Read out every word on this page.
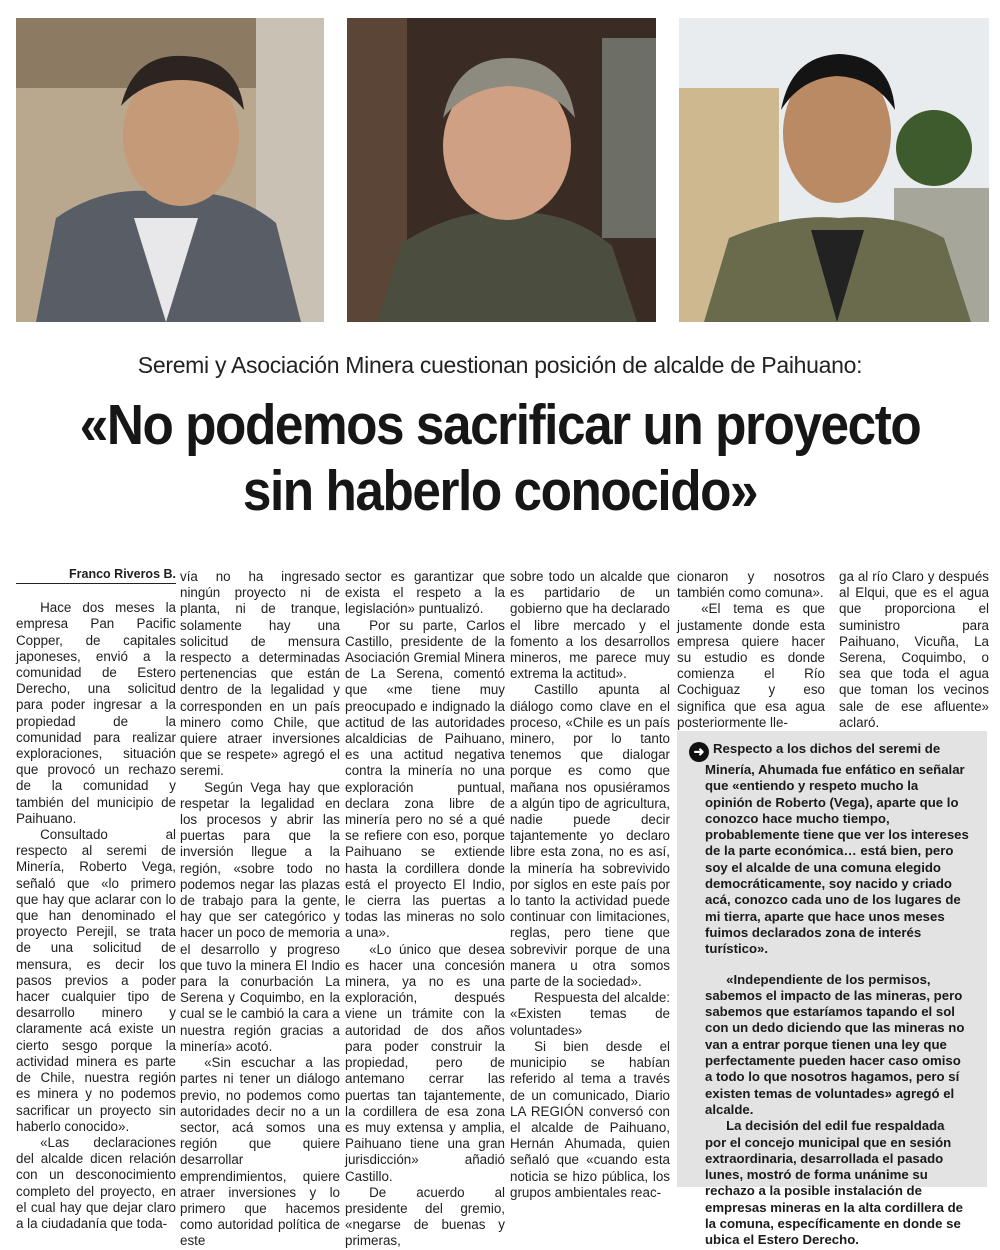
Seremi y Asociación Minera cuestionan posición de alcalde de Paihuano:
«No podemos sacrificar un proyecto
sin haberlo conocido»
Franco Riveros B.

Hace dos meses la empresa Pan Pacific Copper, de capitales japoneses, envió a la comunidad de Estero Derecho, una solicitud para poder ingresar a la propiedad de la comunidad para realizar exploraciones, situación que provocó un rechazo de la comunidad y también del municipio de Paihuano.

Consultado al respecto al seremi de Minería, Roberto Vega, señaló que «lo primero que hay que aclarar con lo que han denominado el proyecto Perejil, se trata de una solicitud de mensura, es decir los pasos previos a poder hacer cualquier tipo de desarrollo minero y claramente acá existe un cierto sesgo porque la actividad minera es parte de Chile, nuestra región es minera y no podemos sacrificar un proyecto sin haberlo conocido».

«Las declaraciones del alcalde dicen relación con un desconocimiento completo del proyecto, en el cual hay que dejar claro a la ciudadanía que toda-

vía no ha ingresado ningún proyecto ni de planta, ni de tranque, solamente hay una solicitud de mensura respecto a determinadas pertenencias que están dentro de la legalidad y corresponden en un país minero como Chile, que quiere atraer inversiones que se respete» agregó el seremi.

Según Vega hay que respetar la legalidad en los procesos y abrir las puertas para que la inversión llegue a la región, «sobre todo no podemos negar las plazas de trabajo para la gente, hay que ser categórico y hacer un poco de memoria el desarrollo y progreso que tuvo la minera El Indio para la conurbación La Serena y Coquimbo, en la cual se le cambió la cara a nuestra región gracias a minería» acotó.

«Sin escuchar a las partes ni tener un diálogo previo, no podemos como autoridades decir no a un sector, acá somos una región que quiere desarrollar emprendimientos, quiere atraer inversiones y lo primero que hacemos como autoridad política de este

sector es garantizar que exista el respeto a la legislación» puntualizó.

Por su parte, Carlos Castillo, presidente de la Asociación Gremial Minera de La Serena, comentó que «me tiene muy preocupado e indignado la actitud de las autoridades alcaldicias de Paihuano, es una actitud negativa contra la minería no una exploración puntual, declara zona libre de minería pero no sé a qué se refiere con eso, porque Paihuano se extiende hasta la cordillera donde está el proyecto El Indio, le cierra las puertas a todas las mineras no solo a una».

«Lo único que desea es hacer una concesión minera, ya no es una exploración, después viene un trámite con la autoridad de dos años para poder construir la propiedad, pero de antemano cerrar las puertas tan tajantemente, la cordillera de esa zona es muy extensa y amplia, Paihuano tiene una gran jurisdicción» añadió Castillo.

De acuerdo al presidente del gremio, «negarse de buenas y primeras,

sobre todo un alcalde que es partidario de un gobierno que ha declarado el libre mercado y el fomento a los desarrollos mineros, me parece muy extrema la actitud».

Castillo apunta al diálogo como clave en el proceso, «Chile es un país minero, por lo tanto tenemos que dialogar porque es como que mañana nos opusiéramos a algún tipo de agricultura, nadie puede decir tajantemente yo declaro libre esta zona, no es así, la minería ha sobrevivido por siglos en este país por lo tanto la actividad puede continuar con limitaciones, reglas, pero tiene que sobrevivir porque de una manera u otra somos parte de la sociedad».

Respuesta del alcalde: «Existen temas de voluntades»

Si bien desde el municipio se habían referido al tema a través de un comunicado, Diario LA REGIÓN conversó con el alcalde de Paihuano, Hernán Ahumada, quien señaló que «cuando esta noticia se hizo pública, los grupos ambientales reac-

cionaron y nosotros también como comuna».

«El tema es que justamente donde esta empresa quiere hacer su estudio es donde comienza el Río Cochiguaz y eso significa que esa agua posteriormente lle-

ga al río Claro y después al Elqui, que es el agua que proporciona el suministro para Paihuano, Vicuña, La Serena, Coquimbo, o sea que toda el agua que toman los vecinos sale de ese afluente» aclaró.

➜ Respecto a los dichos del seremi de Minería, Ahumada fue enfático en señalar que «entiendo y respeto mucho la opinión de Roberto (Vega), aparte que lo conozco hace mucho tiempo, probablemente tiene que ver los intereses de la parte económica… está bien, pero soy el alcalde de una comuna elegido democráticamente, soy nacido y criado acá, conozco cada uno de los lugares de mi tierra, aparte que hace unos meses fuimos declarados zona de interés turístico».

«Independiente de los permisos, sabemos el impacto de las mineras, pero sabemos que estaríamos tapando el sol con un dedo diciendo que las mineras no van a entrar porque tienen una ley que perfectamente pueden hacer caso omiso a todo lo que nosotros hagamos, pero sí existen temas de voluntades» agregó el alcalde.

La decisión del edil fue respaldada por el concejo municipal que en sesión extraordinaria, desarrollada el pasado lunes, mostró de forma unánime su rechazo a la posible instalación de empresas mineras en la alta cordillera de la comuna, específicamente en donde se ubica el Estero Derecho.
